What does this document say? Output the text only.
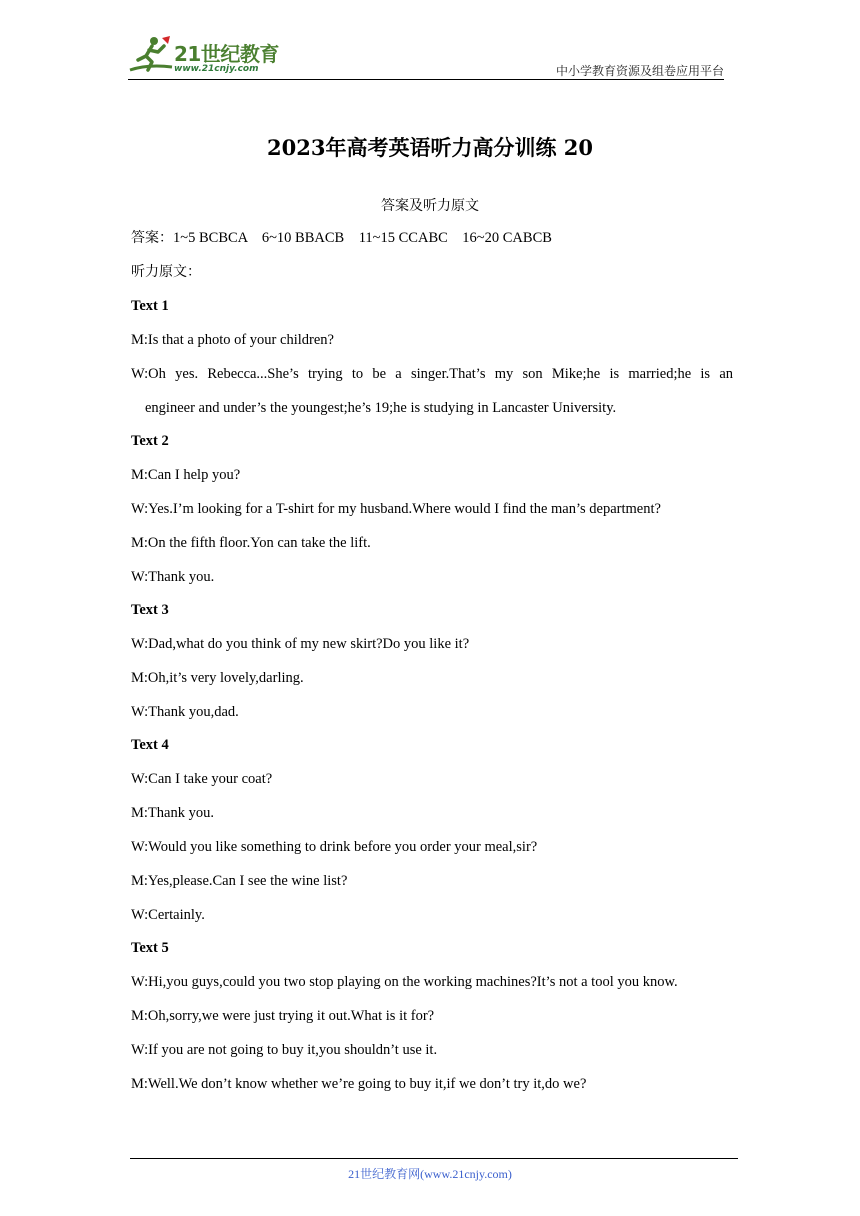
21世纪教育
www.21cnjy.com	中小学教育资源及组卷应用平台
2023年高考英语听力高分训练 20
答案及听力原文
答案：1~5 BCBCA    6~10 BBACB    11~15 CCABC    16~20 CABCB
听力原文：
Text 1
M:Is that a photo of your children?
W:Oh yes. Rebecca...She’s trying to be a singer.That’s my son Mike;he is married;he is an
engineer and under’s the youngest;he’s 19;he is studying in Lancaster University.
Text 2
M:Can I help you?
W:Yes.I’m looking for a T-shirt for my husband.Where would I find the man’s department?
M:On the fifth floor.Yon can take the lift.
W:Thank you.
Text 3
W:Dad,what do you think of my new skirt?Do you like it?
M:Oh,it’s very lovely,darling.
W:Thank you,dad.
Text 4
W:Can I take your coat?
M:Thank you.
W:Would you like something to drink before you order your meal,sir?
M:Yes,please.Can I see the wine list?
W:Certainly.
Text 5
W:Hi,you guys,could you two stop playing on the working machines?It’s not a tool you know.
M:Oh,sorry,we were just trying it out.What is it for?
W:If you are not going to buy it,you shouldn’t use it.
M:Well.We don’t know whether we’re going to buy it,if we don’t try it,do we?
21世纪教育网(www.21cnjy.com)
